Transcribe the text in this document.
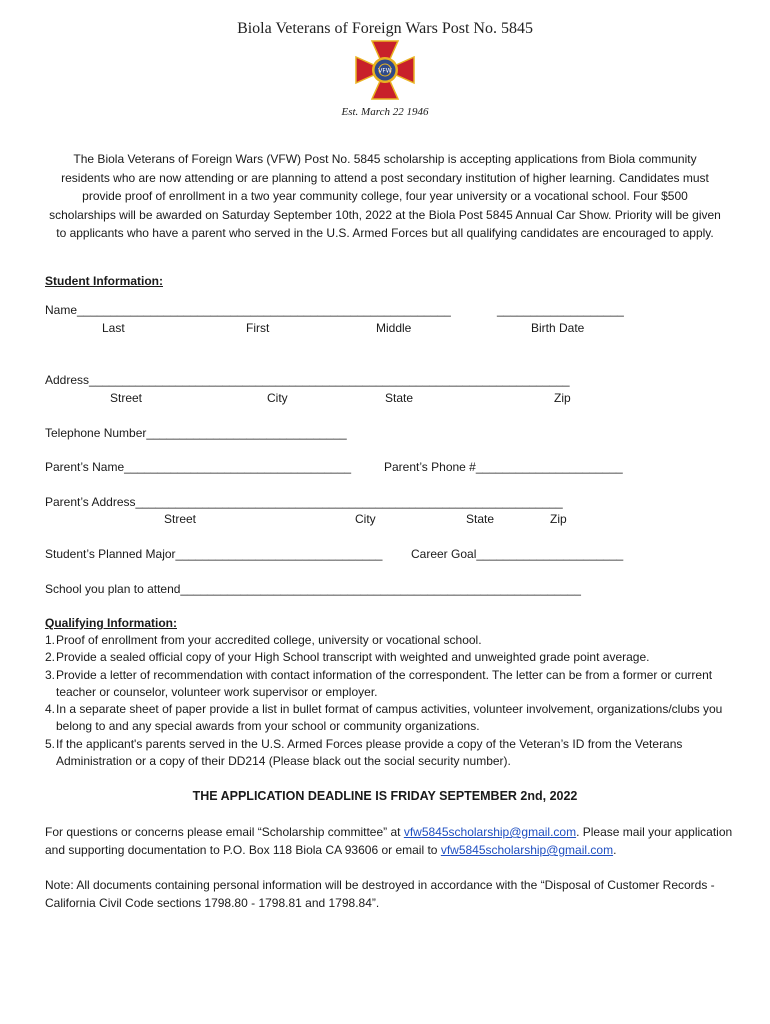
Biola Veterans of Foreign Wars Post No. 5845
VFW
Est. March 22 1946
The Biola Veterans of Foreign Wars (VFW) Post No. 5845 scholarship is accepting applications from Biola community residents who are now attending or are planning to attend a post secondary institution of higher learning. Candidates must provide proof of enrollment in a two year community college, four year university or a vocational school. Four $500 scholarships will be awarded on Saturday September 10th, 2022 at the Biola Post 5845 Annual Car Show. Priority will be given to applicants who have a parent who served in the U.S. Armed Forces but all qualifying candidates are encouraged to apply.
Student Information:
Name________________________________________________________	___________________
Last	First	Middle	Birth Date
Address________________________________________________________________________
Street	City	State	Zip
Telephone Number______________________________
Parent’s Name__________________________________	Parent’s Phone #______________________
Parent’s Address________________________________________________________________
Street	City	State	Zip
Student’s Planned Major_______________________________ Career Goal______________________
School you plan to attend____________________________________________________________
Qualifying Information:
1. Proof of enrollment from your accredited college, university or vocational school.
2. Provide a sealed official copy of your High School transcript with weighted and unweighted grade point average.
3. Provide a letter of recommendation with contact information of the correspondent. The letter can be from a former or current teacher or counselor, volunteer work supervisor or employer.
4. In a separate sheet of paper provide a list in bullet format of campus activities, volunteer involvement, organizations/clubs you belong to and any special awards from your school or community organizations.
5. If the applicant's parents served in the U.S. Armed Forces please provide a copy of the Veteran’s ID from the Veterans Administration or a copy of their DD214 (Please black out the social security number).
THE APPLICATION DEADLINE IS FRIDAY SEPTEMBER 2nd, 2022
For questions or concerns please email “Scholarship committee” at vfw5845scholarship@gmail.com. Please mail your application and supporting documentation to P.O. Box 118 Biola CA 93606 or email to vfw5845scholarship@gmail.com.
Note: All documents containing personal information will be destroyed in accordance with the “Disposal of Customer Records - California Civil Code sections 1798.80 - 1798.81 and 1798.84”.
